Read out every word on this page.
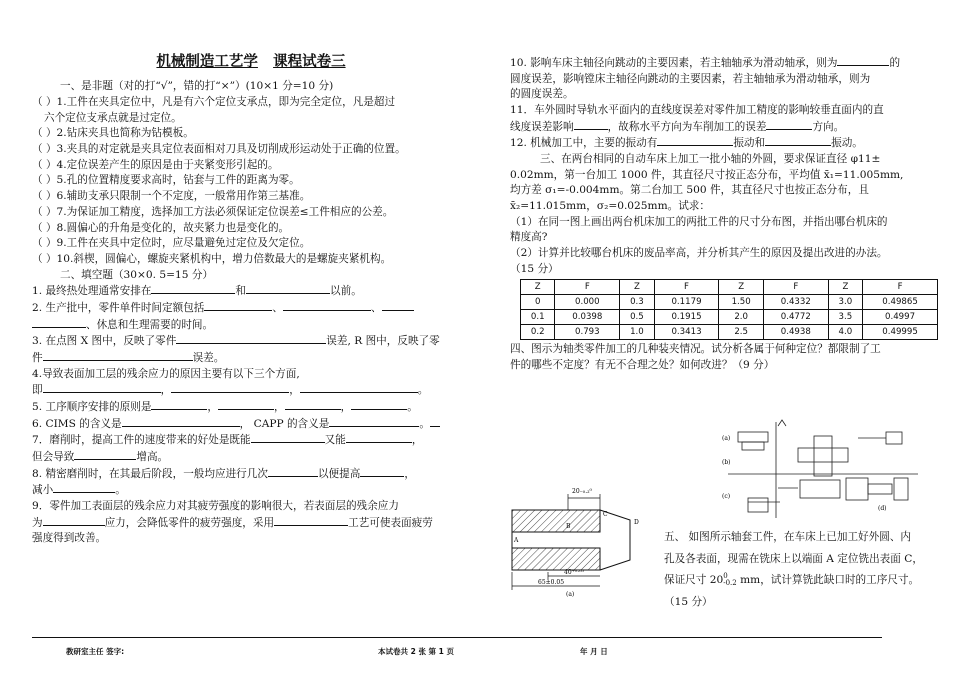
机械制造工艺学 课程试卷三
一、是非题（对的打“√”，错的打“×”）(10×1 分=10 分)
（ ）1.工件在夹具定位中，凡是有六个定位支承点，即为完全定位，凡是超过
六个定位支承点就是过定位。
（ ）2.钻床夹具也简称为钻模板。
（ ）3.夹具的对定就是夹具定位表面相对刀具及切削成形运动处于正确的位置。
（ ）4.定位误差产生的原因是由于夹紧变形引起的。
（ ）5.孔的位置精度要求高时，钻套与工件的距离为零。
（ ）6.辅助支承只限制一个不定度，一般常用作第三基准。
（ ）7.为保证加工精度，选择加工方法必须保证定位误差≤工件相应的公差。
（ ）8.圆偏心的升角是变化的，故夹紧力也是变化的。
（ ）9.工件在夹具中定位时，应尽量避免过定位及欠定位。
（ ）10.斜楔，圆偏心，螺旋夹紧机构中，增力倍数最大的是螺旋夹紧机构。
二、填空题（30×0. 5=15 分）
1. 最终热处理通常安排在	和	以前。
2. 生产批中，零件单件时间定额包括	、	、
、休息和生理需要的时间。
3. 在点图 X 图中，反映了零件	误差, R 图中，反映了零
件	误差。
4.导致表面加工层的残余应力的原因主要有以下三个方面,
即	，	，	。
5. 工序顺序安排的原则是	，	，	，	。
6. CIMS 的含义是	， CAPP 的含义是	。
7．磨削时，提高工件的速度带来的好处是既能	又能	，
但会导致	增高。
8. 精密磨削时，在其最后阶段，一般均应进行几次	以便提高	，
减小	。
9．零件加工表面层的残余应力对其疲劳强度的影响很大，若表面层的残余应力
为	应力，会降低零件的疲劳强度，采用	工艺可使表面疲劳
强度得到改善。
10. 影响车床主轴径向跳动的主要因素，若主轴轴承为滑动轴承，则为	的
圆度误差，影响镗床主轴径向跳动的主要因素，若主轴轴承为滑动轴承，则为
的圆度误差。
11．车外圆时导轨水平面内的直线度误差对零件加工精度的影响较垂直面内的直
线度误差影响	，故称水平方向为车削加工的误差	方向。
12. 机械加工中，主要的振动有	振动和	振动。
三、在两台相同的自动车床上加工一批小轴的外圆，要求保证直径 φ11±
0.02mm，第一台加工 1000 件，其直径尺寸按正态分布，平均值 x̄₁=11.005mm,
均方差 σ₁=-0.004mm。第二台加工 500 件，其直径尺寸也按正态分布，且
x̄₂=11.015mm，σ₂=0.025mm。试求：
（1）在同一图上画出两台机床加工的两批工件的尺寸分布图，并指出哪台机床的
精度高?
（2）计算并比较哪台机床的废品率高，并分析其产生的原因及提出改进的办法。
（15 分）
Z	F	Z	F	Z	F	Z	F
0	0.000	0.3	0.1179	1.50	0.4332	3.0	0.49865
0.1	0.0398	0.5	0.1915	2.0	0.4772	3.5	0.4997
0.2	0.793	1.0	0.3413	2.5	0.4938	4.0	0.49995
四、图示为轴类零件加工的几种装夹情况。试分析各属于何种定位？都限制了工
件的哪些不定度？有无不合理之处？如何改进？（9 分）
(a)
(b)
(c)
(d)
20₋₀.₂⁰
40⁺⁰·⁰⁵
65±0.05
A
B
C
D
(a)
五、 如图所示轴套工件，在车床上已加工好外圆、内
孔及各表面，现需在铣床上以端面 A 定位铣出表面 C，
保证尺寸 20 0
-0.2 mm，试计算铣此缺口时的工序尺寸。
（15 分）
教研室主任 签字:	本试卷共 2 张 第 1 页	年 月 日
